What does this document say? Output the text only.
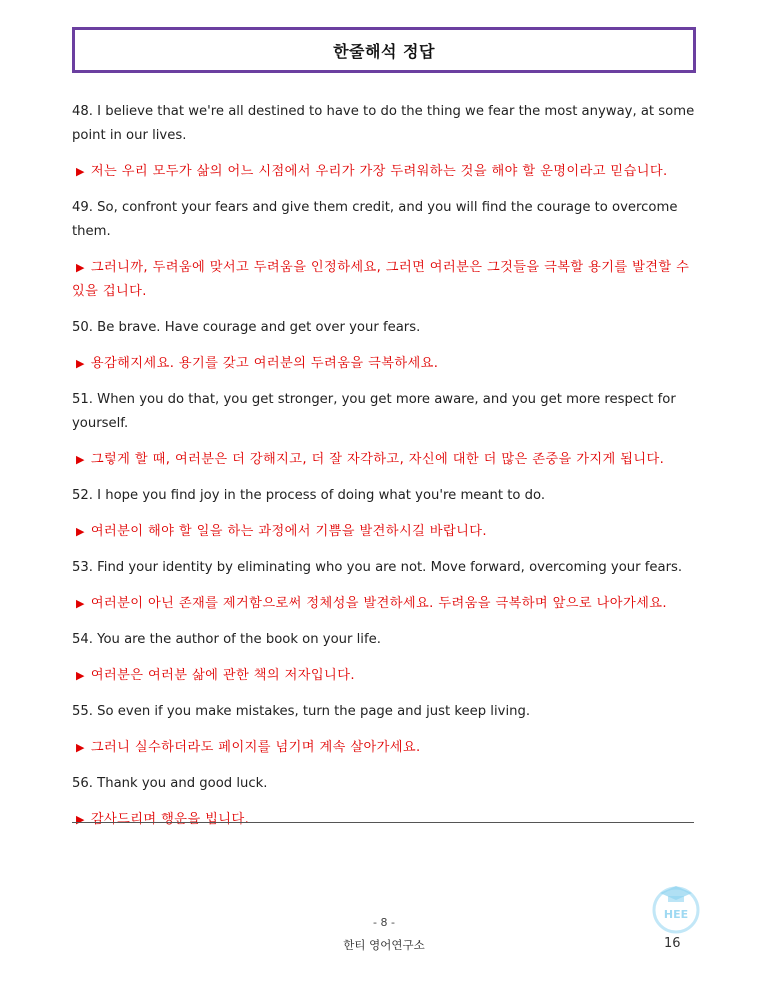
한줄해석 정답

48. I believe that we're all destined to have to do the thing we fear the most anyway, at some point in our lives.

▶ 저는 우리 모두가 삶의 어느 시점에서 우리가 가장 두려워하는 것을 해야 할 운명이라고 믿습니다.

49. So, confront your fears and give them credit, and you will find the courage to overcome them.

▶ 그러니까, 두려움에 맞서고 두려움을 인정하세요, 그러면 여러분은 그것들을 극복할 용기를 발견할 수 있을 겁니다.

50. Be brave. Have courage and get over your fears.

▶ 용감해지세요. 용기를 갖고 여러분의 두려움을 극복하세요.

51. When you do that, you get stronger, you get more aware, and you get more respect for yourself.

▶ 그렇게 할 때, 여러분은 더 강해지고, 더 잘 자각하고, 자신에 대한 더 많은 존중을 가지게 됩니다.

52. I hope you find joy in the process of doing what you're meant to do.

▶ 여러분이 해야 할 일을 하는 과정에서 기쁨을 발견하시길 바랍니다.

53. Find your identity by eliminating who you are not. Move forward, overcoming your fears.

▶ 여러분이 아닌 존재를 제거함으로써 정체성을 발견하세요. 두려움을 극복하며 앞으로 나아가세요.

54. You are the author of the book on your life.

▶ 여러분은 여러분 삶에 관한 책의 저자입니다.

55. So even if you make mistakes, turn the page and just keep living.

▶ 그러니 실수하더라도 페이지를 넘기며 계속 살아가세요.

56. Thank you and good luck.

▶ 감사드리며 행운을 빕니다.

HEE
- 8 -
한티 영어연구소	16
